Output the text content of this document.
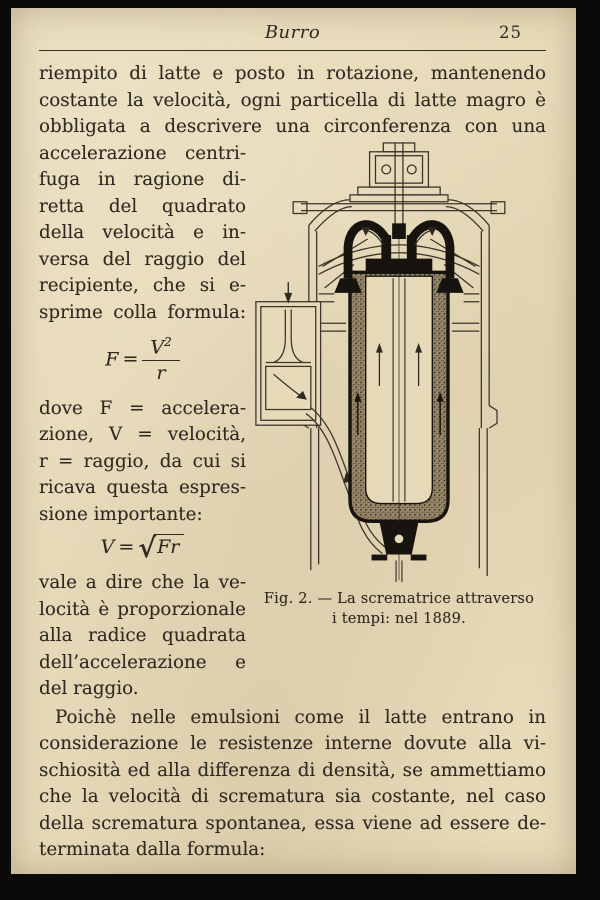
Burro	25
riempito di latte e posto in rotazione, mantenendo
costante la velocità, ogni particella di latte magro è
obbligata a descrivere una circonferenza con una
accelerazione centri-
fuga in ragione di-
retta del quadrato
della velocità e in-
versa del raggio del
recipiente, che si e-
sprime colla formula:
$F = \frac{V^2}{r}$
dove F = accelera-
zione, V = velocità,
r = raggio, da cui si
ricava questa espres-
sione importante:
V = √Fr
vale a dire che la ve-
locità è proporzionale
alla radice quadrata
dell’accelerazione e
del raggio.
Fig. 2. — La scrematrice attraverso
i tempi: nel 1889.
Poichè nelle emulsioni come il latte entrano in
considerazione le resistenze interne dovute alla vi-
schiosità ed alla differenza di densità, se ammettiamo
che la velocità di scrematura sia costante, nel caso
della scrematura spontanea, essa viene ad essere de-
terminata dalla formula:
